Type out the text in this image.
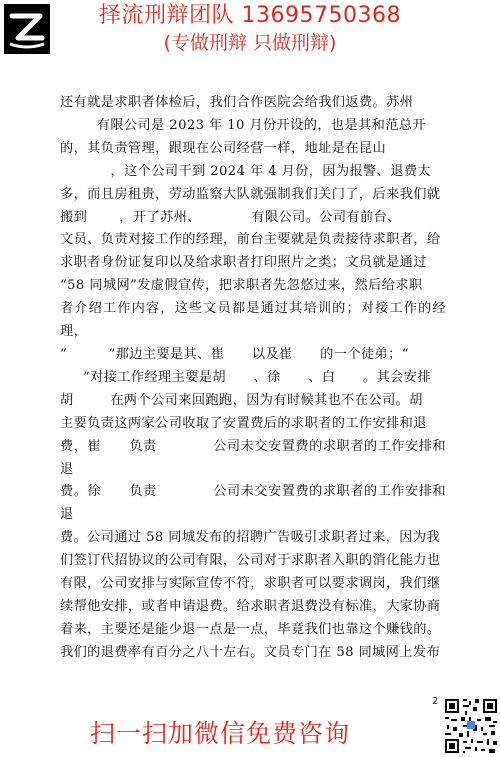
择流刑辩团队 13695750368
(专做刑辩 只做刑辩)
还有就是求职者体检后，我们合作医院会给我们返费。苏州
有限公司是 2023 年 10 月份开设的，也是其和范总开
的，其负责管理，跟现在公司经营一样，地址是在昆山
，这个公司干到 2024 年 4 月份，因为报警、退费太
多，而且房租贵，劳动监察大队就强制我们关门了，后来我们就
搬到       ，开了苏州、           有限公司。公司有前台、
文员、负责对接工作的经理，前台主要就是负责接待求职者，给
求职者身份证复印以及给求职者打印照片之类；文员就是通过
“58 同城网”发虚假宣传，把求职者先忽悠过来，然后给求职
者介绍工作内容，这些文员都是通过其培训的；对接工作的经理，
“         ”那边主要是其、崔      以及崔      的一个徒弟；“
”对接工作经理主要是胡      、徐      、白      。其会安排
胡        在两个公司来回跑跑，因为有时候其也不在公司。胡
主要负责这两家公司收取了安置费后的求职者的工作安排和退
费，崔      负责            公司未交安置费的求职者的工作安排和退
费。徐      负责            公司未交安置费的求职者的工作安排和退
费。公司通过 58 同城发布的招聘广告吸引求职者过来，因为我
们签订代招协议的公司有限，公司对于求职者入职的消化能力也
有限，公司安排与实际宣传不符，求职者可以要求调岗，我们继
续帮他安排，或者申请退费。给求职者退费没有标准，大家协商
着来，主要还是能少退一点是一点，毕竟我们也靠这个赚钱的。
我们的退费率有百分之八十左右。文员专门在 58 同城网上发布
2
扫一扫加微信免费咨询
